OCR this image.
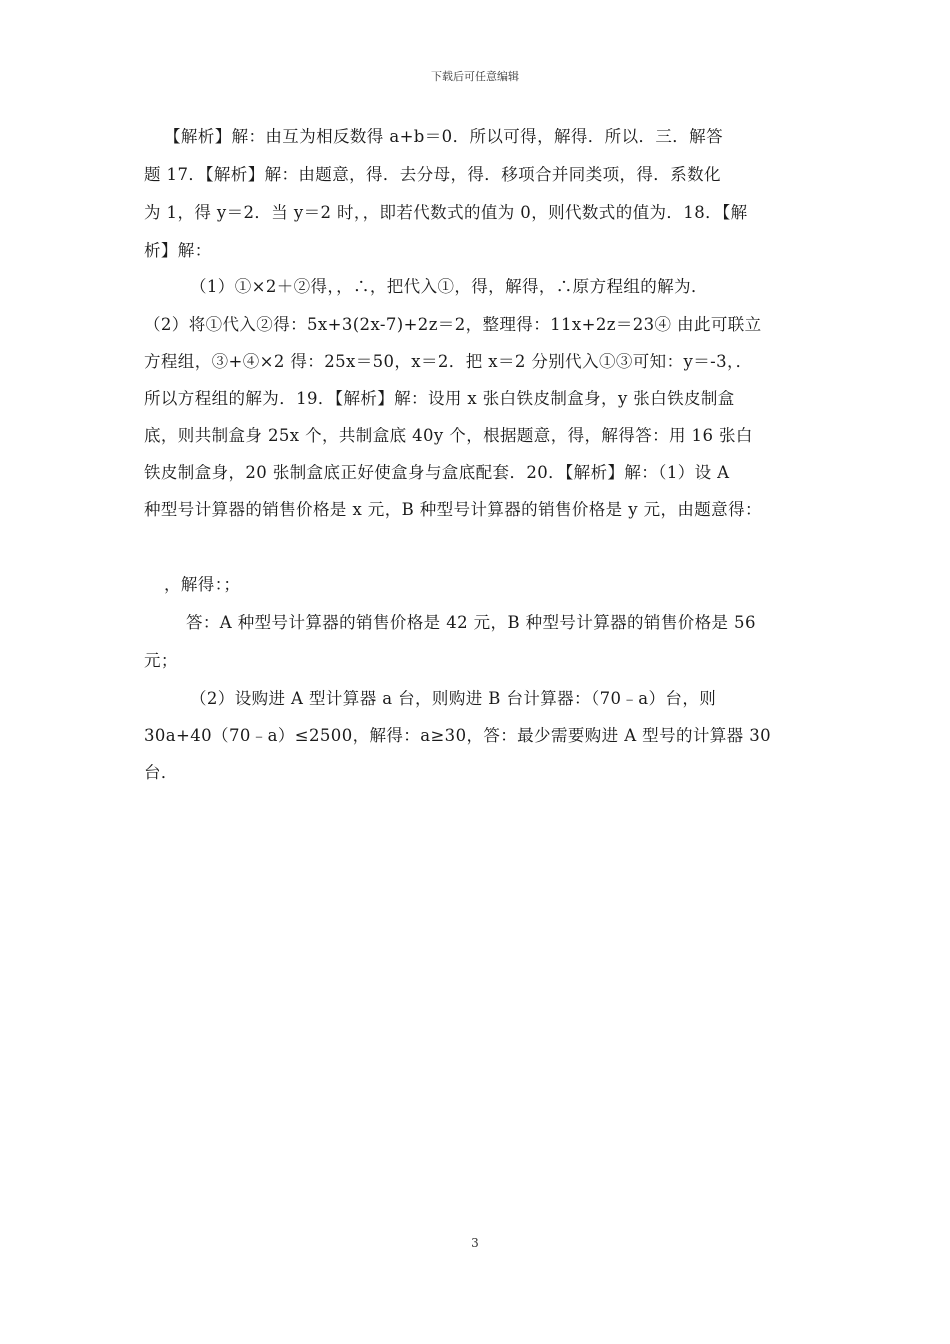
下载后可任意编辑
【解析】解：由互为相反数得 a+b＝0．所以可得，解得．所以．三．解答
题 17．【解析】解：由题意，得．去分母，得．移项合并同类项，得．系数化
为 1，得 y＝2．当 y＝2 时，，即若代数式的值为 0，则代数式的值为．18．【解
析】解：
（1）①×2＋②得，，∴，把代入①，得，解得，∴原方程组的解为．
（2）将①代入②得：5x+3(2x-7)+2z＝2，整理得：11x+2z＝23④ 由此可联立
方程组，③+④×2 得：25x＝50，x＝2．把 x＝2 分别代入①③可知：y＝-3，．
所以方程组的解为．19．【解析】解：设用 x 张白铁皮制盒身，y 张白铁皮制盒
底，则共制盒身 25x 个，共制盒底 40y 个，根据题意，得，解得答：用 16 张白
铁皮制盒身，20 张制盒底正好使盒身与盒底配套．20．【解析】解：（1）设 A
种型号计算器的销售价格是 x 元，B 种型号计算器的销售价格是 y 元，由题意得：
，解得：；
答：A 种型号计算器的销售价格是 42 元，B 种型号计算器的销售价格是 56
元；
（2）设购进 A 型计算器 a 台，则购进 B 台计算器：（70﹣a）台，则
30a+40（70﹣a）≤2500，解得：a≥30，答：最少需要购进 A 型号的计算器 30
台．
3
